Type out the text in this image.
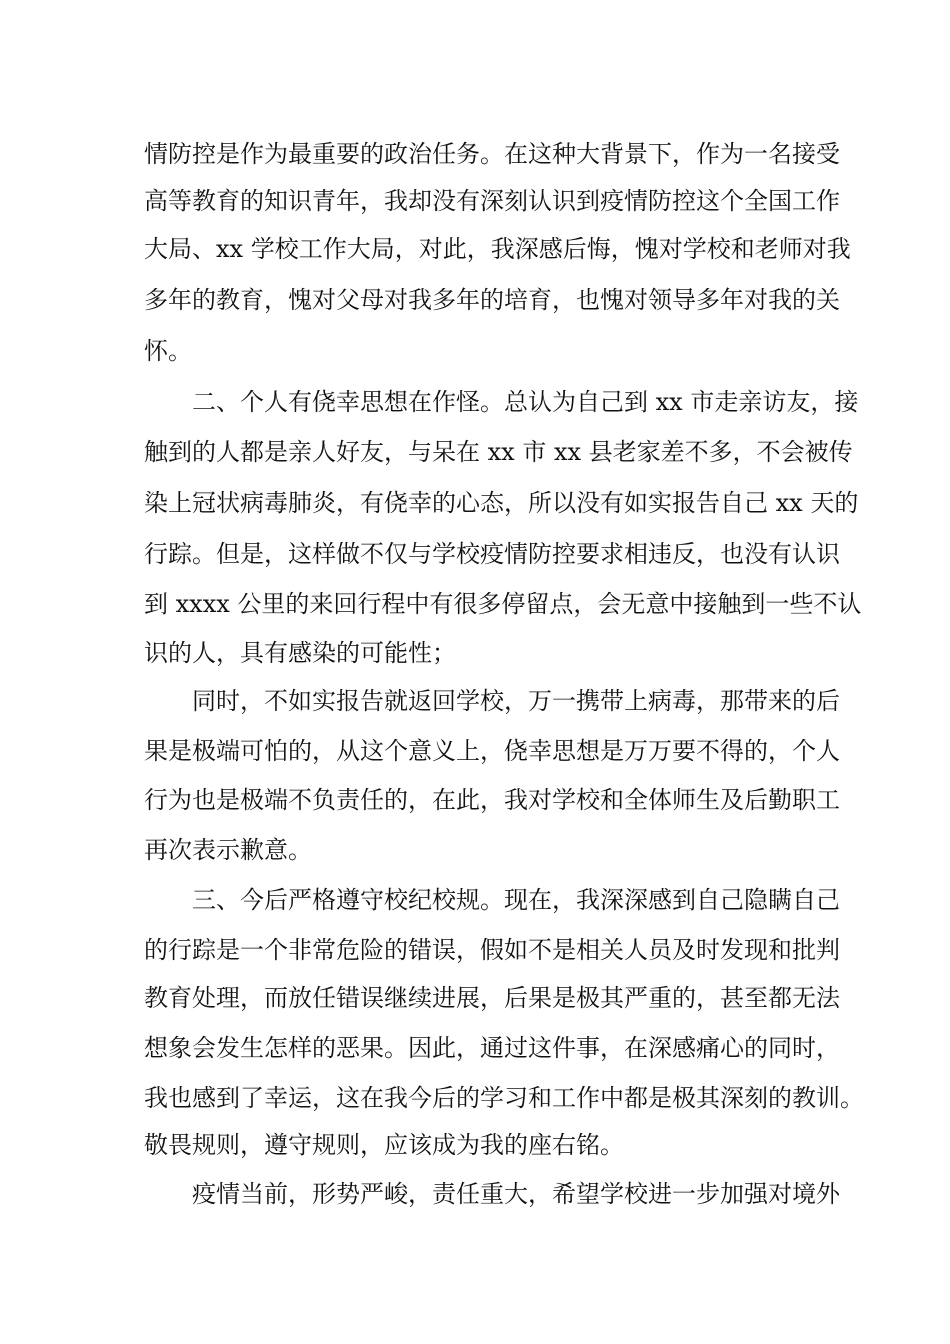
情防控是作为最重要的政治任务。在这种大背景下，作为一名接受
高等教育的知识青年，我却没有深刻认识到疫情防控这个全国工作
大局、xx 学校工作大局，对此，我深感后悔，愧对学校和老师对我
多年的教育，愧对父母对我多年的培育，也愧对领导多年对我的关
怀。
二、个人有侥幸思想在作怪。总认为自己到 xx 市走亲访友，接
触到的人都是亲人好友，与呆在 xx 市 xx 县老家差不多，不会被传
染上冠状病毒肺炎，有侥幸的心态，所以没有如实报告自己 xx 天的
行踪。但是，这样做不仅与学校疫情防控要求相违反，也没有认识
到 xxxx 公里的来回行程中有很多停留点，会无意中接触到一些不认
识的人，具有感染的可能性；
同时，不如实报告就返回学校，万一携带上病毒，那带来的后
果是极端可怕的，从这个意义上，侥幸思想是万万要不得的，个人
行为也是极端不负责任的，在此，我对学校和全体师生及后勤职工
再次表示歉意。
三、今后严格遵守校纪校规。现在，我深深感到自己隐瞒自己
的行踪是一个非常危险的错误，假如不是相关人员及时发现和批判
教育处理，而放任错误继续进展，后果是极其严重的，甚至都无法
想象会发生怎样的恶果。因此，通过这件事，在深感痛心的同时，
我也感到了幸运，这在我今后的学习和工作中都是极其深刻的教训。
敬畏规则，遵守规则，应该成为我的座右铭。
疫情当前，形势严峻，责任重大，希望学校进一步加强对境外
